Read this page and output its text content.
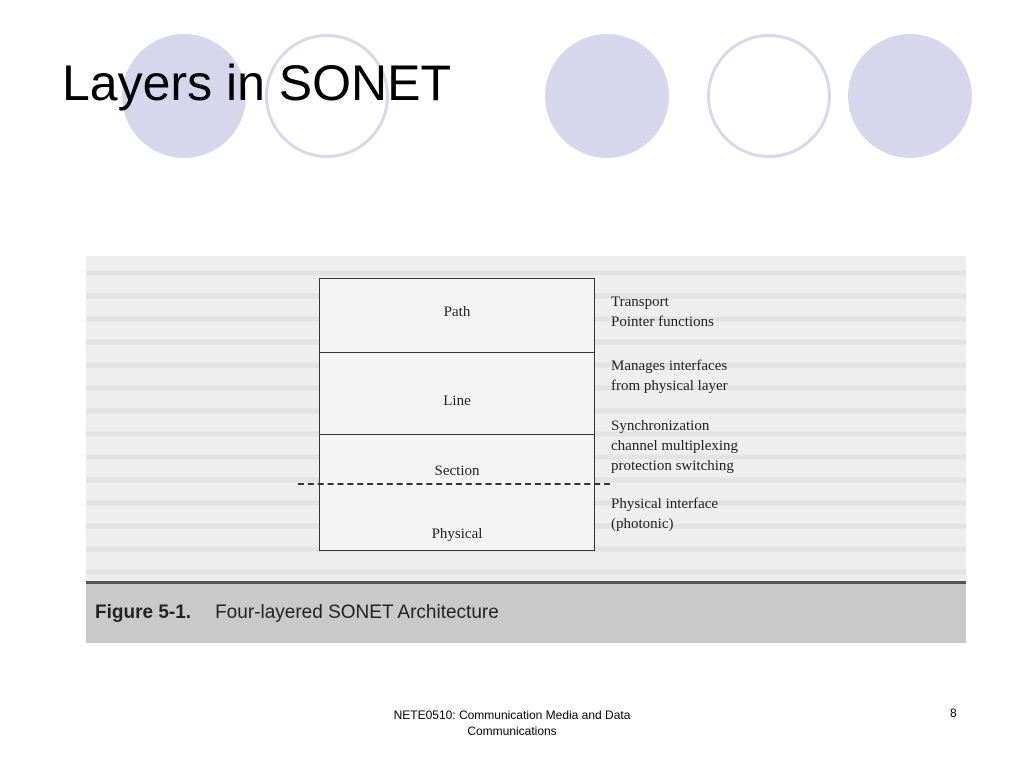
Layers in SONET
Path
Line
Section
Physical
Transport
Pointer functions
Manages interfaces
from physical layer
Synchronization
channel multiplexing
protection switching
Physical interface
(photonic)
Figure 5-1. Four-layered SONET Architecture
NETE0510: Communication Media and Data Communications
8
